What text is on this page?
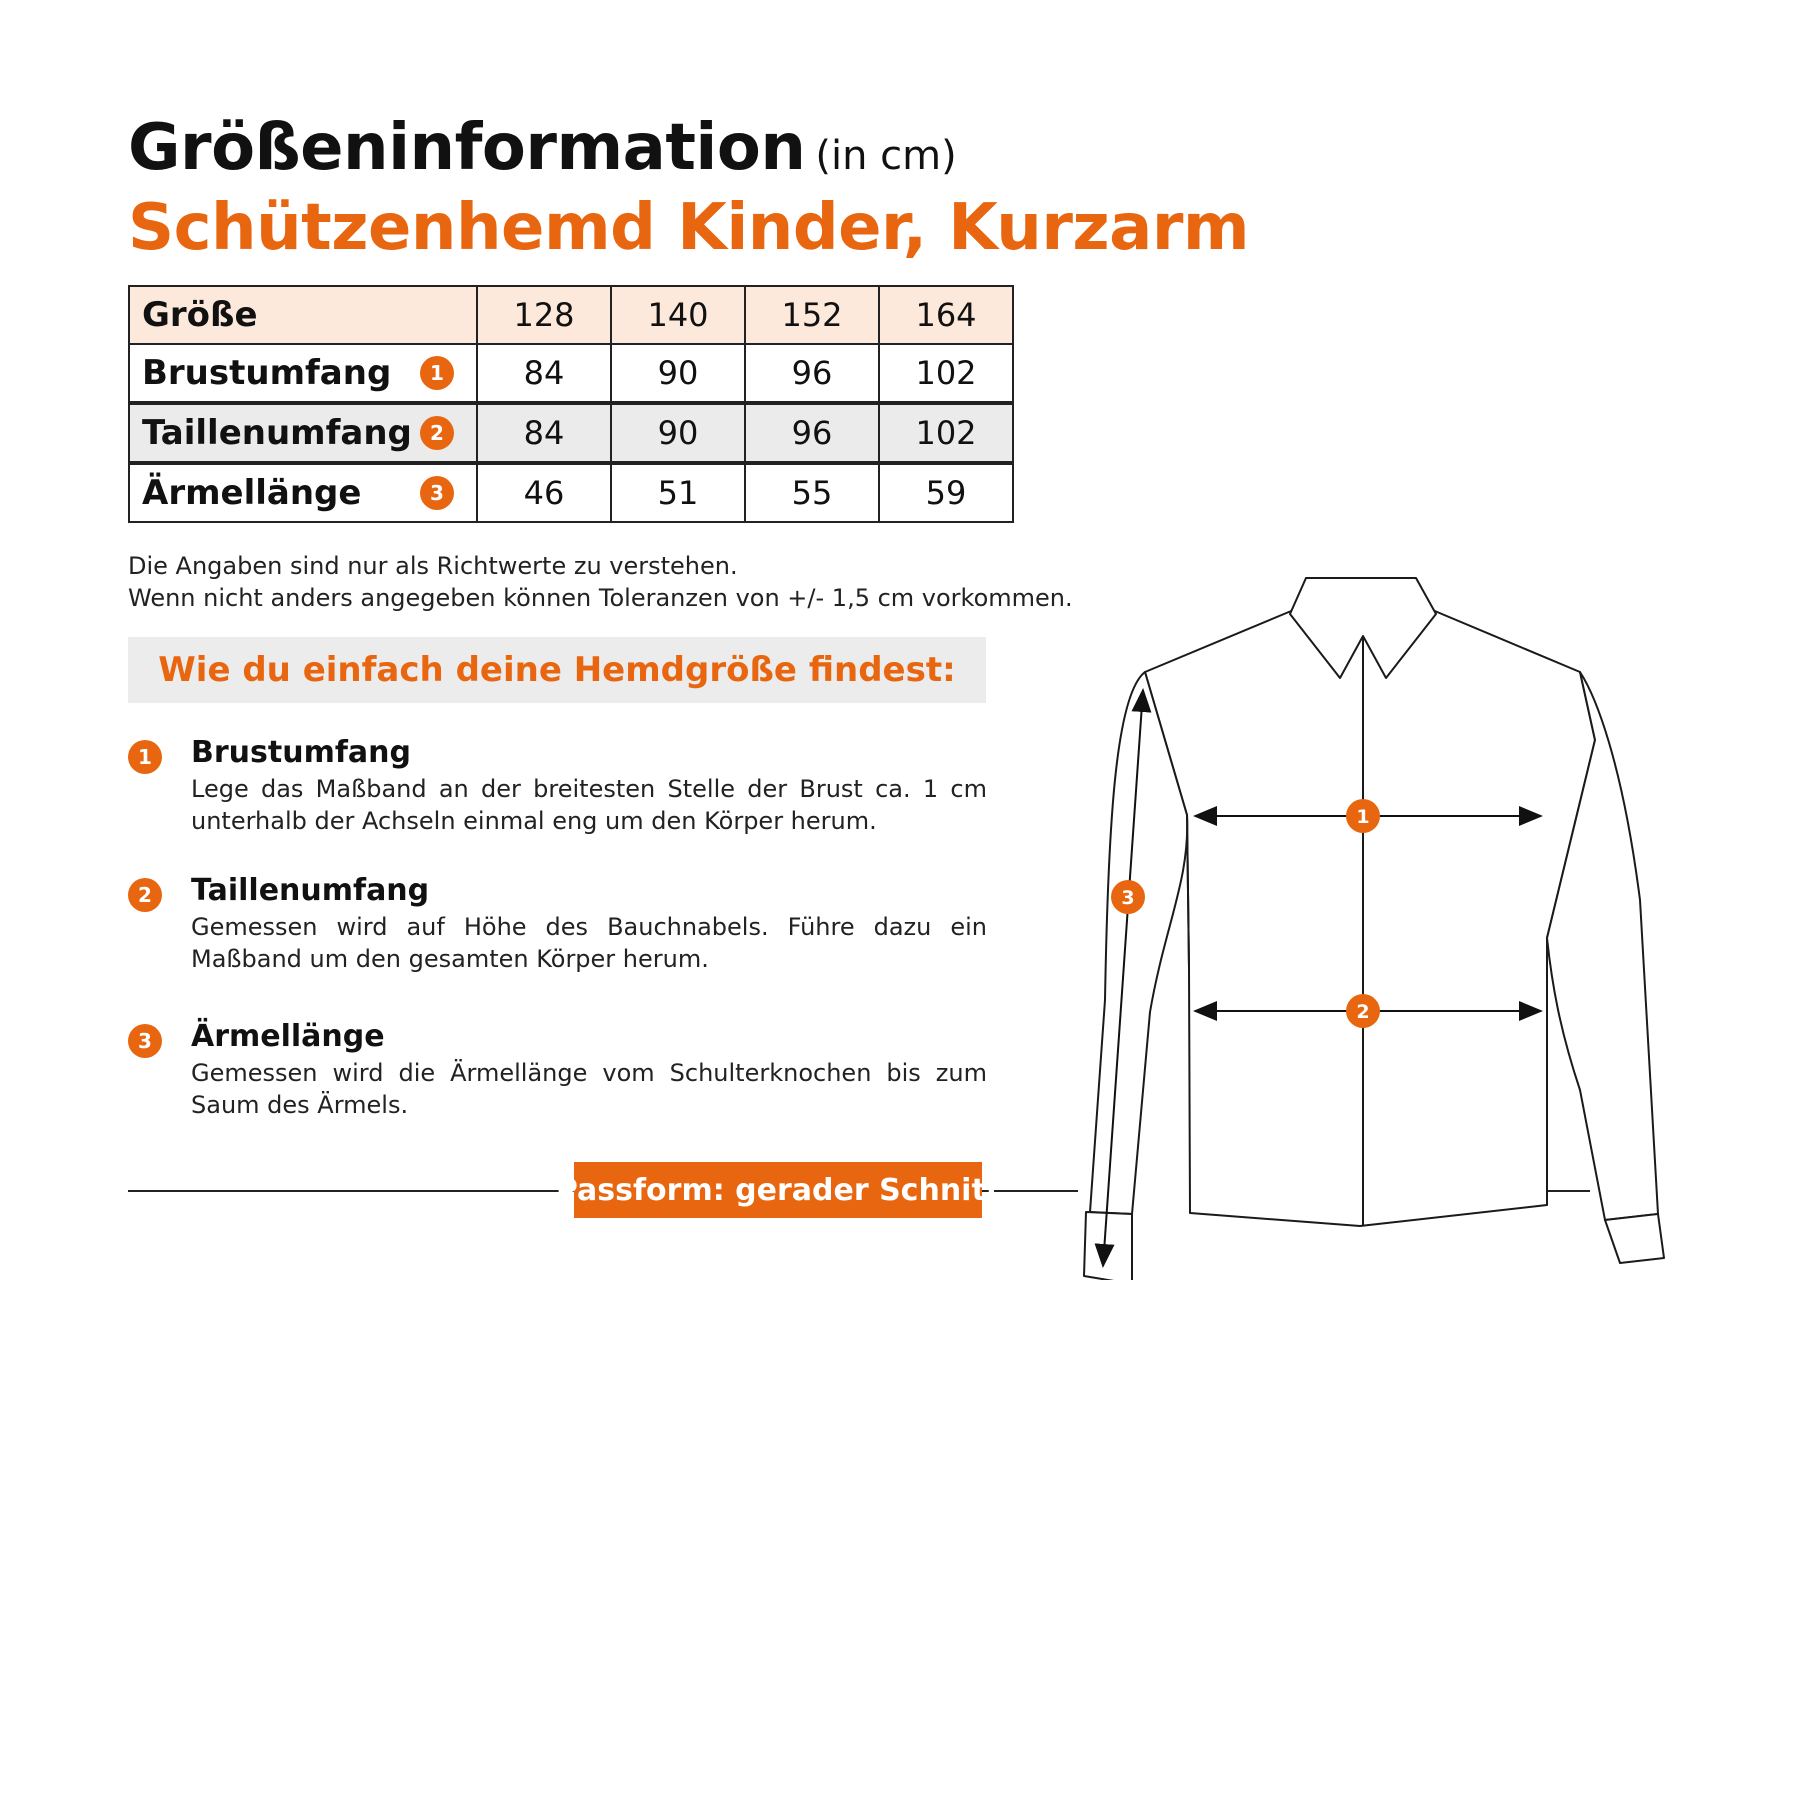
Größeninformation (in cm)
Schützenhemd Kinder, Kurzarm
Größe	128	140	152	164
Brustumfang 1	84	90	96	102
Taillenumfang 2	84	90	96	102
Ärmellänge 3	46	51	55	59
Die Angaben sind nur als Richtwerte zu verstehen.
Wenn nicht anders angegeben können Toleranzen von +/- 1,5 cm vorkommen.
Wie du einfach deine Hemdgröße findest:
1	Brustumfang
Lege das Maßband an der breitesten Stelle der Brust ca. 1 cm unterhalb der Achseln einmal eng um den Körper herum.
2	Taillenumfang
Gemessen wird auf Höhe des Bauchnabels. Führe dazu ein Maßband um den gesamten Körper herum.
3	Ärmellänge
Gemessen wird die Ärmellänge vom Schulterknochen bis zum Saum des Ärmels.
Passform: gerader Schnitt
1
2
3
